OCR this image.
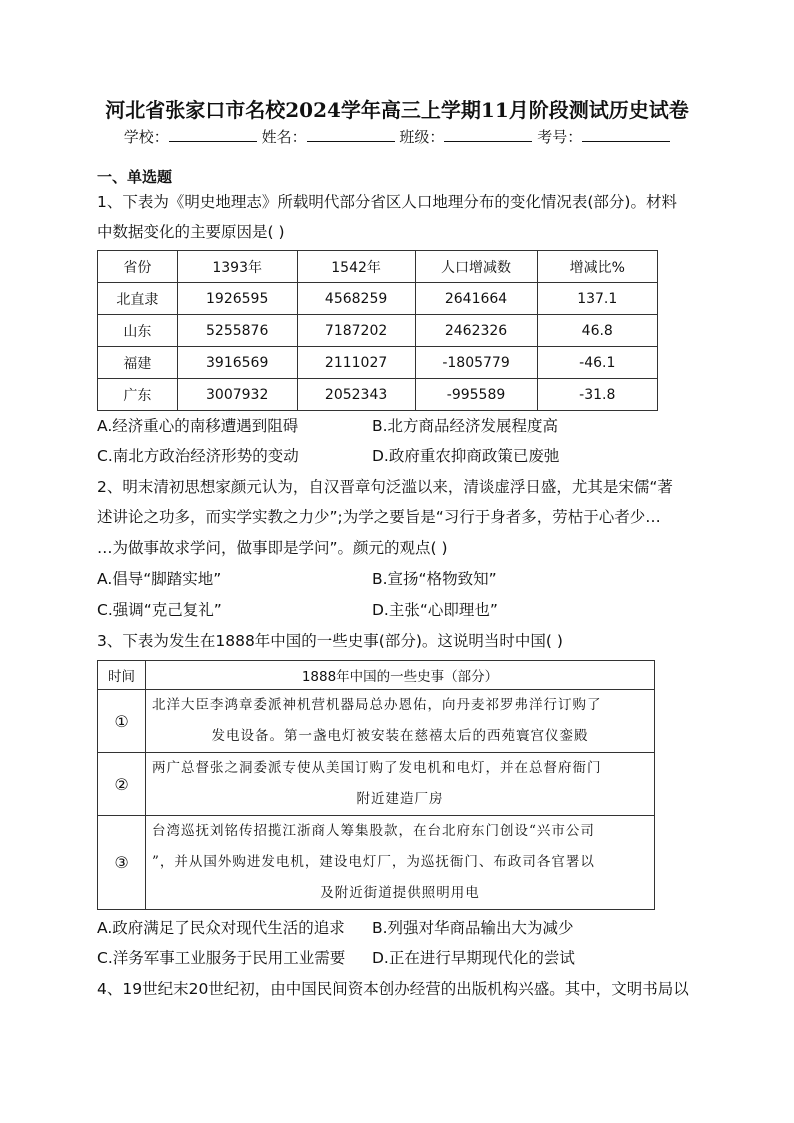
河北省张家口市名校2024学年高三上学期11月阶段测试历史试卷
学校：	姓名：	班级：	考号：
一、单选题
1、下表为《明史地理志》所载明代部分省区人口地理分布的变化情况表(部分)。材料
中数据变化的主要原因是( )
省份	1393年	1542年	人口增减数	增减比%
北直隶	1926595	4568259	2641664	137.1
山东	5255876	7187202	2462326	46.8
福建	3916569	2111027	-1805779	-46.1
广东	3007932	2052343	-995589	-31.8
A.经济重心的南移遭遇到阻碍	B.北方商品经济发展程度高
C.南北方政治经济形势的变动	D.政府重农抑商政策已废弛
2、明末清初思想家颜元认为，自汉晋章句泛滥以来，清谈虚浮日盛，尤其是宋儒“著
述讲论之功多，而实学实教之力少”;为学之要旨是“习行于身者多，劳枯于心者少…
…为做事故求学问，做事即是学问”。颜元的观点( )
A.倡导“脚踏实地”	B.宣扬“格物致知”
C.强调“克己复礼”	D.主张“心即理也”
3、下表为发生在1888年中国的一些史事(部分)。这说明当时中国( )
时间	1888年中国的一些史事（部分）
①	北洋大臣李鸿章委派神机营机器局总办恩佑，向丹麦祁罗弗洋行订购了
发电设备。第一盏电灯被安装在慈禧太后的西苑寰宫仪銮殿

②	两广总督张之洞委派专使从美国订购了发电机和电灯，并在总督府衙门
附近建造厂房

③	台湾巡抚刘铭传招揽江浙商人筹集股款，在台北府东门创设“兴市公司
”，并从国外购进发电机，建设电灯厂，为巡抚衙门、布政司各官署以
及附近街道提供照明用电
A.政府满足了民众对现代生活的追求 B.列强对华商品输出大为减少
C.洋务军事工业服务于民用工业需要 D.正在进行早期现代化的尝试
4、19世纪末20世纪初，由中国民间资本创办经营的出版机构兴盛。其中，文明书局以
